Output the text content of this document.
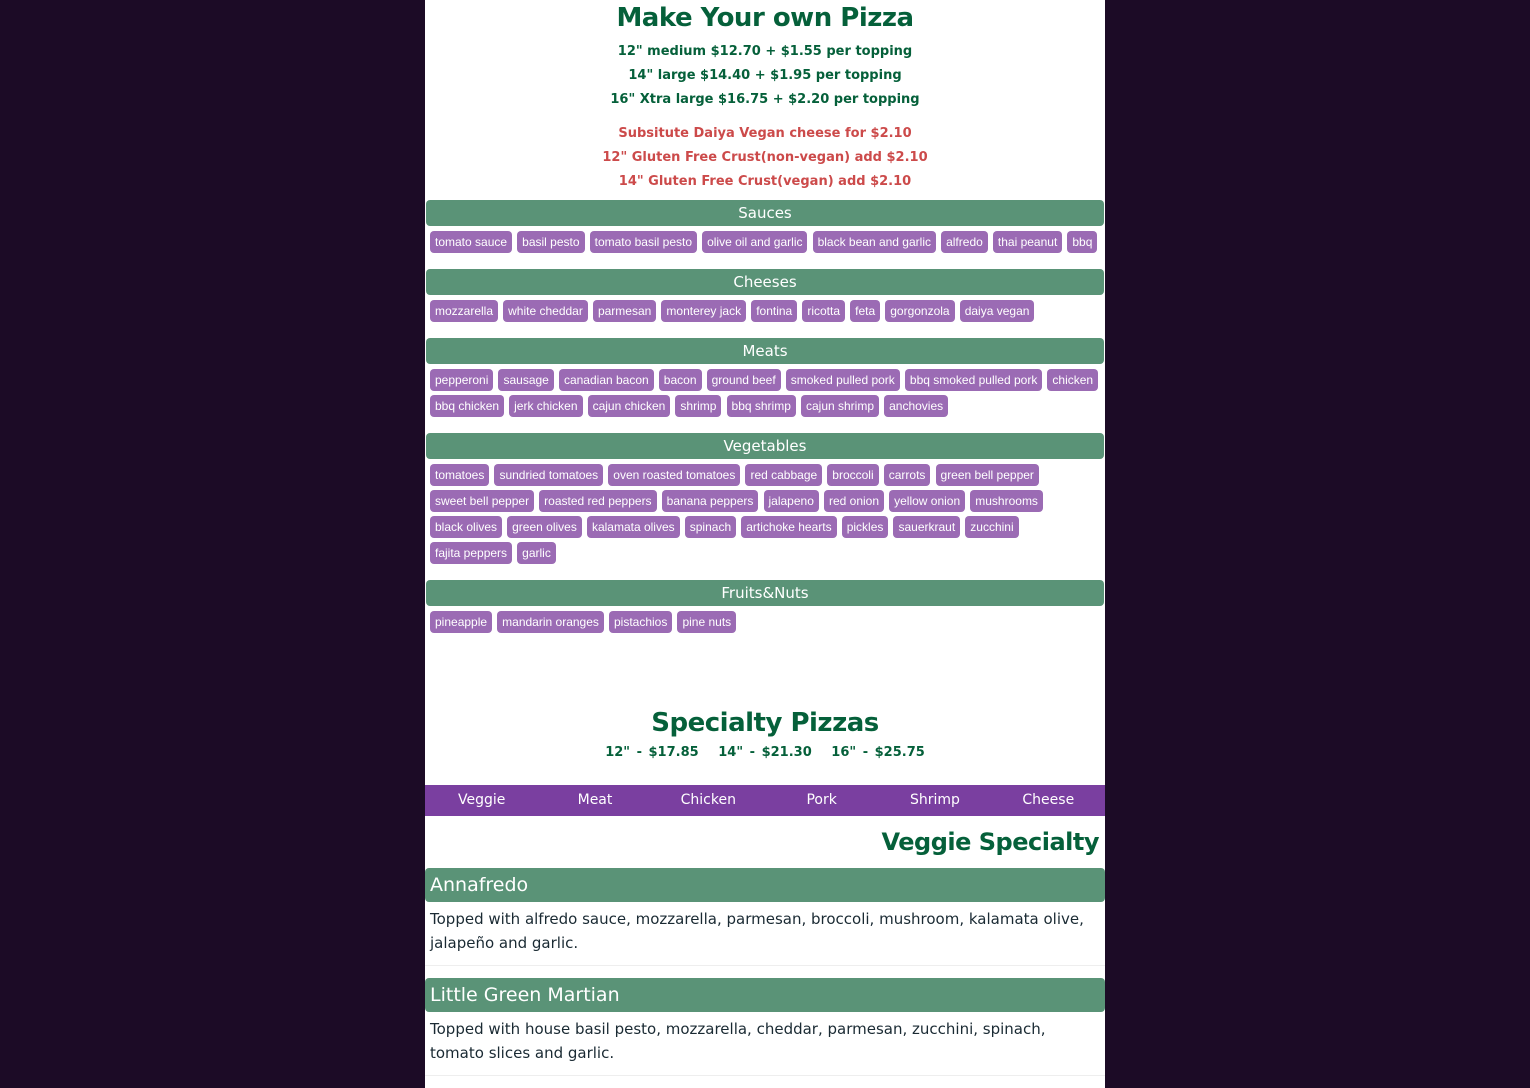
Make Your own Pizza
12" medium $12.70 + $1.55 per topping
14" large $14.40 + $1.95 per topping
16" Xtra large $16.75 + $2.20 per topping
Subsitute Daiya Vegan cheese for $2.10
12" Gluten Free Crust(non-vegan) add $2.10
14" Gluten Free Crust(vegan) add $2.10
Sauces
tomato sauce basil pesto tomato basil pesto olive oil and garlic black bean and garlic alfredo thai peanut bbq
Cheeses
mozzarella white cheddar parmesan monterey jack fontina ricotta feta gorgonzola daiya vegan
Meats
pepperoni sausage canadian bacon bacon ground beef smoked pulled pork bbq smoked pulled pork chicken bbq chicken jerk chicken cajun chicken shrimp bbq shrimp cajun shrimp anchovies
Vegetables
tomatoes sundried tomatoes oven roasted tomatoes red cabbage broccoli carrots green bell pepper sweet bell pepper roasted red peppers banana peppers jalapeno red onion yellow onion mushrooms black olives green olives kalamata olives spinach artichoke hearts pickles sauerkraut zucchini fajita peppers garlic
Fruits&Nuts
pineapple mandarin oranges pistachios pine nuts
Specialty Pizzas
12" - $17.85   14" - $21.30   16" - $25.75
Veggie	Meat	Chicken	Pork	Shrimp	Cheese
Veggie Specialty
Annafredo
Topped with alfredo sauce, mozzarella, parmesan, broccoli, mushroom, kalamata olive, jalapeño and garlic.
Little Green Martian
Topped with house basil pesto, mozzarella, cheddar, parmesan, zucchini, spinach, tomato slices and garlic.
